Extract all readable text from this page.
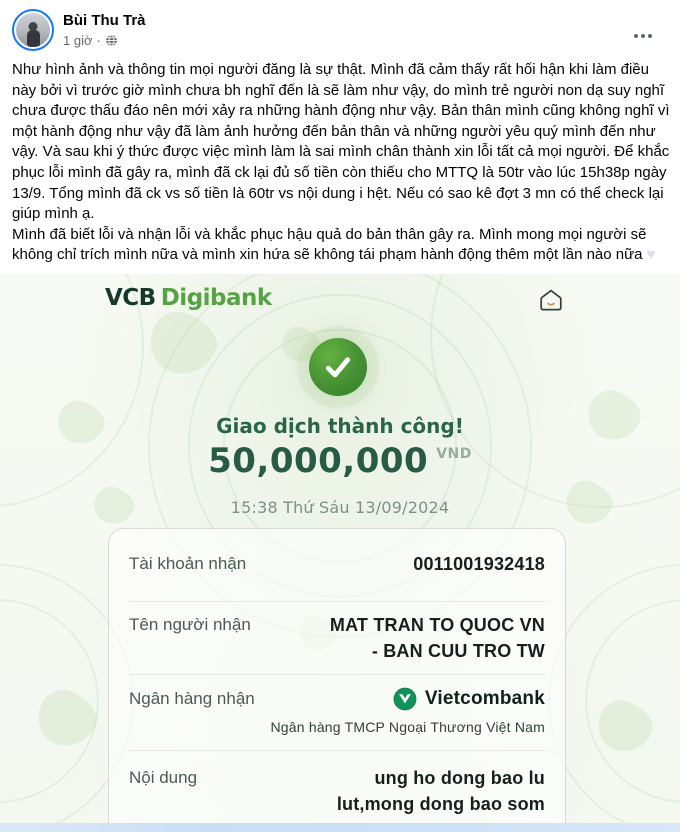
Bùi Thu Trà
1 giờ ·

Như hình ảnh và thông tin mọi người đăng là sự thật. Mình đã cảm thấy rất hối hận khi làm điều này bởi vì trước giờ mình chưa bh nghĩ đến là sẽ làm như vậy, do mình trẻ người non dạ suy nghĩ chưa được thấu đáo nên mới xảy ra những hành động như vậy. Bản thân mình cũng không nghĩ vì một hành động như vậy đã làm ảnh hưởng đến bản thân và những người yêu quý mình đến như vậy. Và sau khi ý thức được việc mình làm là sai mình chân thành xin lỗi tất cả mọi người. Để khắc phục lỗi mình đã gây ra, mình đã ck lại đủ số tiền còn thiếu cho MTTQ là 50tr vào lúc 15h38p ngày 13/9. Tổng mình đã ck vs số tiền là 60tr vs nội dung i hệt. Nếu có sao kê đợt 3 mn có thể check lại giúp mình ạ.

Mình đã biết lỗi và nhận lỗi và khắc phục hậu quả do bản thân gây ra. Mình mong mọi người sẽ không chỉ trích mình nữa và mình xin hứa sẽ không tái phạm hành động thêm một lần nào nữa ♥

VCB Digibank
Giao dịch thành công!
50,000,000 VND
15:38 Thứ Sáu 13/09/2024
Tài khoản nhận	0011001932418
Tên người nhận	MAT TRAN TO QUOC VN
- BAN CUU TRO TW
Ngân hàng nhận	Vietcombank
Ngân hàng TMCP Ngoại Thương Việt Nam
Nội dung	ung ho dong bao lu
lut,mong dong bao som
